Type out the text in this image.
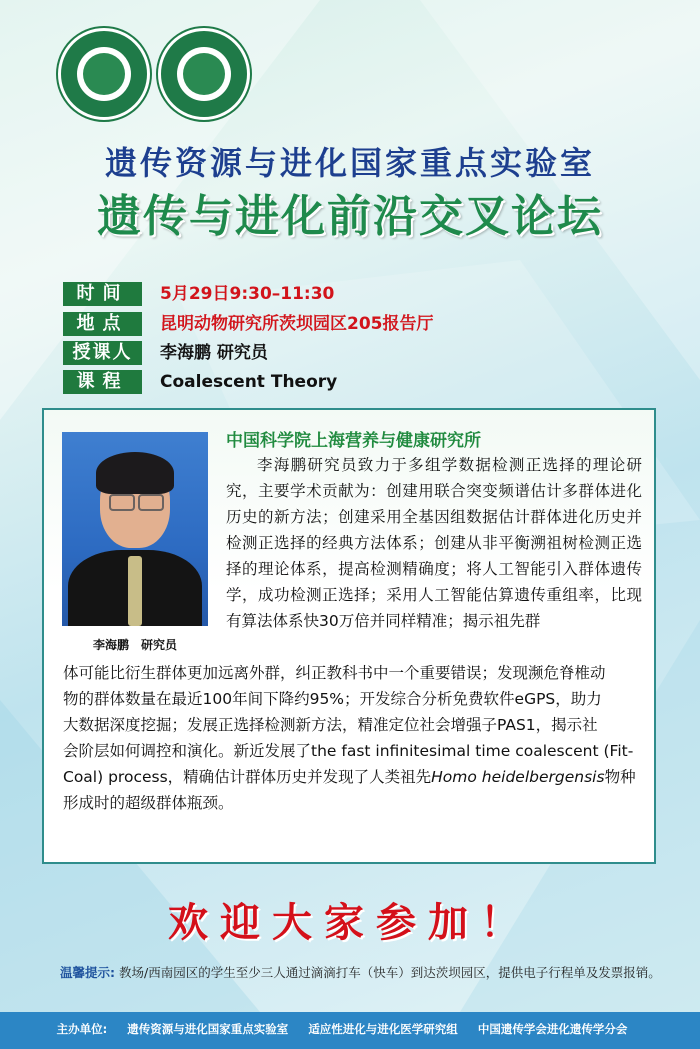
遗传资源与进化国家重点实验室
遗传与进化前沿交叉论坛
时间	5月29日9:30–11:30
地点	昆明动物研究所茨坝园区205报告厅
授课人	李海鹏 研究员
课程	Coalescent Theory
李海鹏　研究员
中国科学院上海营养与健康研究所
李海鹏研究员致力于多组学数据检测正选择的理论研究，主要学术贡献为：创建用联合突变频谱估计多群体进化历史的新方法；创建采用全基因组数据估计群体进化历史并检测正选择的经典方法体系；创建从非平衡溯祖树检测正选择的理论体系，提高检测精确度；将人工智能引入群体遗传学，成功检测正选择；采用人工智能估算遗传重组率，比现有算法体系快30万倍并同样精准；揭示祖先群
体可能比衍生群体更加远离外群，纠正教科书中一个重要错误；发现濒危脊椎动
物的群体数量在最近100年间下降约95%；开发综合分析免费软件eGPS，助力
大数据深度挖掘；发展正选择检测新方法，精准定位社会增强子PAS1，揭示社
会阶层如何调控和演化。新近发展了the fast infinitesimal time coalescent (Fit-
Coal) process，精确估计群体历史并发现了人类祖先Homo heidelbergensis物种
形成时的超级群体瓶颈。
欢迎大家参加！
温馨提示: 教场/西南园区的学生至少三人通过滴滴打车（快车）到达茨坝园区，提供电子行程单及发票报销。
主办单位: 遗传资源与进化国家重点实验室 适应性进化与进化医学研究组 中国遗传学会进化遗传学分会
